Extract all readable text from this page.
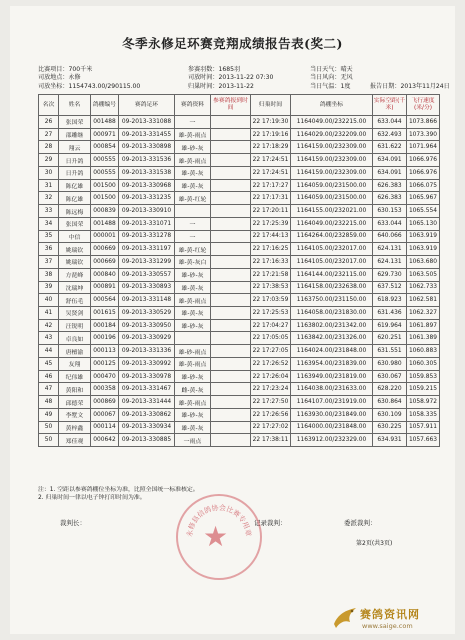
冬季永修足环赛竞翔成绩报告表(奖二)
比赛项目：700千米
司放地点：永修
司放坐标：1154743.00/290115.00
参赛羽数：1685羽
司放时间：2013-11-22 07:30
归巢时间：2013-11-22
当日天气：晴天
当日风向：无风
当日气温：1度	报告日期：2013年11月24日
名次	姓名	鸽棚编号	赛鸽足环	赛鸽资料	参赛鸽报到时间	归巢时间	鸽棚坐标	实际空距(千米)	飞行速度(米/分)
26	张国荣	001488	09-2013-331088	一		22 17:19:30	1164049.00/232215.00	633.044	1073.866
27	邵雕继	000971	09-2013-331455	雄-黄-雨点		22 17:19:16	1164029.00/232209.00	632.493	1073.390
28	翔云	000854	09-2013-330898	雄-砂-灰		22 17:18:29	1164159.00/232309.00	631.622	1071.964
29	日升鸽	000555	09-2013-331536	雄-黄-雨点		22 17:24:51	1164159.00/232309.00	634.091	1066.976
30	日升鸽	000555	09-2013-331538	雄-黄-灰		22 17:24:51	1164159.00/232309.00	634.091	1066.976
31	陈亿雄	001500	09-2013-330968	雄-黄-灰		22 17:17:27	1164059.00/231500.00	626.383	1066.075
32	陈亿雄	001500	09-2013-331235	雄-黄-红轮		22 17:17:31	1164059.00/231500.00	626.383	1065.967
33	陈远梅	000839	09-2013-330910			22 17:20:11	1164155.00/232021.00	630.153	1065.554
34	张国荣	001488	09-2013-331071	一		22 17:25:39	1164049.00/232215.00	633.044	1065.130
35	中信	000001	09-2013-331278	一		22 17:44:13	1164264.00/232859.00	640.066	1063.919
36	姚瑞钦	000669	09-2013-331197	雄-黄-红轮		22 17:16:25	1164105.00/232017.00	624.131	1063.919
37	姚瑞钦	000669	09-2013-331299	雄-黄-灰白		22 17:16:33	1164105.00/232017.00	624.131	1063.680
38	方琵峰	000840	09-2013-330557	雄-砂-灰		22 17:21:58	1164144.00/232115.00	629.730	1063.505
39	沈瑞坤	000891	09-2013-330893	雄-黄-灰		22 17:38:53	1164158.00/232638.00	637.512	1062.733
40	舒伍毛	000564	09-2013-331148	雄-黄-雨点		22 17:03:59	1163750.00/231150.00	618.923	1062.581
41	吴贤剑	001615	09-2013-330529	雄-黄-灰		22 17:25:53	1164058.00/231830.00	631.436	1062.327
42	汪锐明	000184	09-2013-330950	雄-砂-灰		22 17:04:27	1163802.00/231342.00	619.964	1061.897
43	卓良如	000196	09-2013-330929			22 17:05:05	1163842.00/231326.00	620.251	1061.389
44	唐檀渝	000113	09-2013-331336	雄-砂-雨点		22 17:27:05	1164024.00/231848.00	631.551	1060.883
45	友翔	000125	09-2013-330992	雄-黄-雨点		22 17:26:52	1163954.00/231839.00	630.980	1060.305
46	纪伟雄	000470	09-2013-330978	雄-砂-灰		22 17:26:04	1163949.00/231819.00	630.067	1059.853
47	黄阳和	000358	09-2013-331467	雌-黄-灰		22 17:23:24	1164038.00/231633.00	628.220	1059.215
48	邱德荣	000869	09-2013-331444	雄-黄-雨点		22 17:27:50	1164107.00/231919.00	630.864	1058.972
49	李墅文	000067	09-2013-330862	雄-砂-灰		22 17:26:56	1163930.00/231849.00	630.109	1058.335
50	黄梓鑫	000114	09-2013-330934	雄-黄-灰		22 17:27:02	1164000.00/231848.00	630.225	1057.911
50	郑佳观	000642	09-2013-330885	一雨点		22 17:38:11	1163912.00/232329.00	634.931	1057.663
注：1. 空距以参赛鸽棚位坐标为准，比照全国统一标准核定。
2. 归巢时间一律以电子钟打印时间为准。
裁判长：	记录裁判：	委派裁判：
第2页(共3页)
永修县信鸽协会比赛专用章
★
赛鸽资讯网
www.saige.com
